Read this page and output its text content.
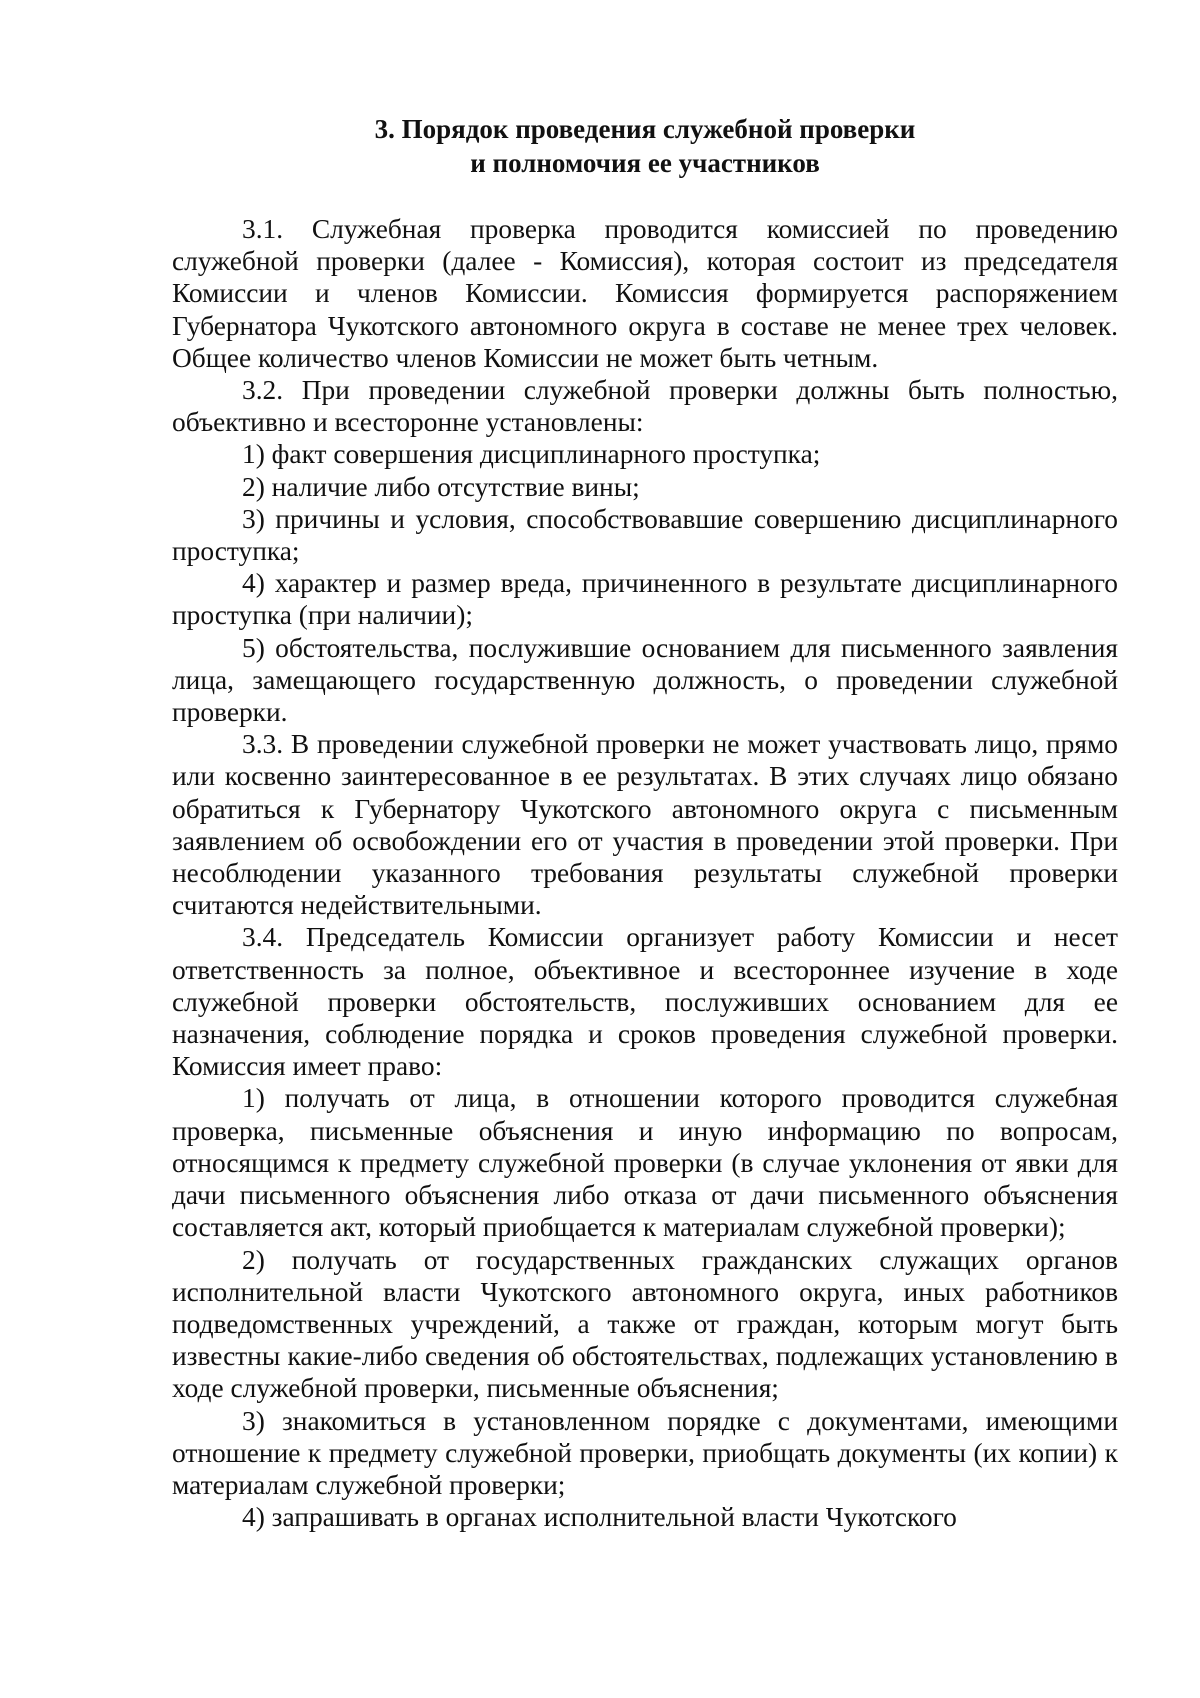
3. Порядок проведения служебной проверки
и полномочия ее участников

3.1. Служебная проверка проводится комиссией по проведению служебной проверки (далее - Комиссия), которая состоит из председателя Комиссии и членов Комиссии. Комиссия формируется распоряжением Губернатора Чукотского автономного округа в составе не менее трех человек. Общее количество членов Комиссии не может быть четным.

3.2. При проведении служебной проверки должны быть полностью, объективно и всесторонне установлены:

1) факт совершения дисциплинарного проступка;

2) наличие либо отсутствие вины;

3) причины и условия, способствовавшие совершению дисциплинарного проступка;

4) характер и размер вреда, причиненного в результате дисциплинарного проступка (при наличии);

5) обстоятельства, послужившие основанием для письменного заявления лица, замещающего государственную должность, о проведении служебной проверки.

3.3. В проведении служебной проверки не может участвовать лицо, прямо или косвенно заинтересованное в ее результатах. В этих случаях лицо обязано обратиться к Губернатору Чукотского автономного округа с письменным заявлением об освобождении его от участия в проведении этой проверки. При несоблюдении указанного требования результаты служебной проверки считаются недействительными.

3.4. Председатель Комиссии организует работу Комиссии и несет ответственность за полное, объективное и всестороннее изучение в ходе служебной проверки обстоятельств, послуживших основанием для ее назначения, соблюдение порядка и сроков проведения служебной проверки. Комиссия имеет право:

1) получать от лица, в отношении которого проводится служебная проверка, письменные объяснения и иную информацию по вопросам, относящимся к предмету служебной проверки (в случае уклонения от явки для дачи письменного объяснения либо отказа от дачи письменного объяснения составляется акт, который приобщается к материалам служебной проверки);

2) получать от государственных гражданских служащих органов исполнительной власти Чукотского автономного округа, иных работников подведомственных учреждений, а также от граждан, которым могут быть известны какие-либо сведения об обстоятельствах, подлежащих установлению в ходе служебной проверки, письменные объяснения;

3) знакомиться в установленном порядке с документами, имеющими отношение к предмету служебной проверки, приобщать документы (их копии) к материалам служебной проверки;

4) запрашивать в органах исполнительной власти Чукотского
